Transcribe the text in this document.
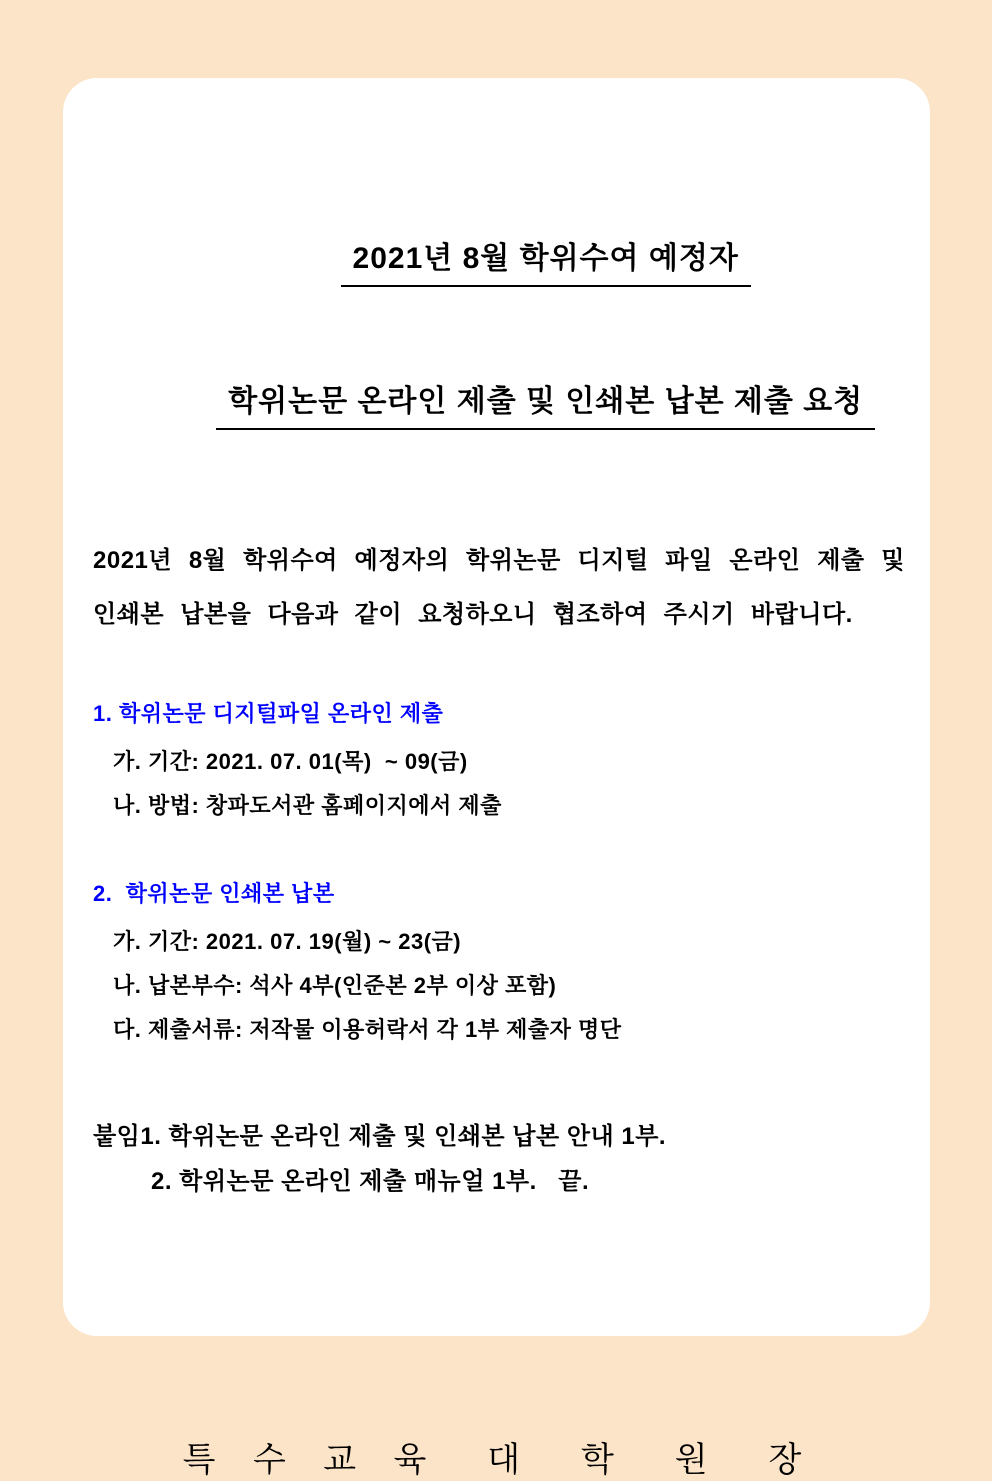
2021년 8월 학위수여 예정자

학위논문 온라인 제출 및 인쇄본 납본 제출 요청

2021년 8월 학위수여 예정자의 학위논문 디지털 파일 온라인 제출 및 인쇄본 납본을 다음과 같이 요청하오니 협조하여 주시기 바랍니다.

1. 학위논문 디지털파일 온라인 제출
가. 기간: 2021. 07. 01(목)  ~ 09(금)
나. 방법: 창파도서관 홈페이지에서 제출
2.  학위논문 인쇄본 납본
가. 기간: 2021. 07. 19(월) ~ 23(금)
나. 납본부수: 석사 4부(인준본 2부 이상 포함)
다. 제출서류: 저작물 이용허락서 각 1부 제출자 명단
붙임1. 학위논문 온라인 제출 및 인쇄본 납본 안내 1부.
2. 학위논문 온라인 제출 매뉴얼 1부.   끝.
특 수 교 육  대  학  원  장
